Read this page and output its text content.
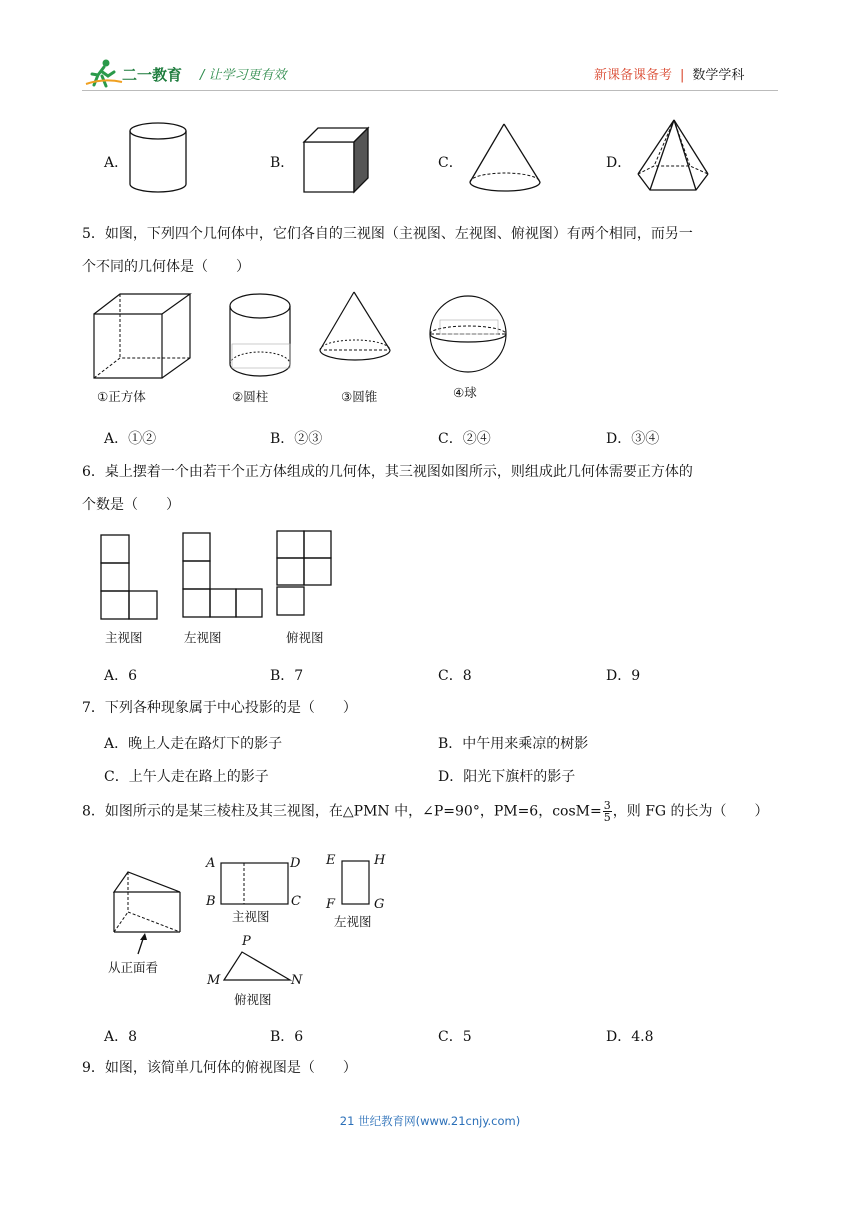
二一教育 / 让学习更有效	新课备课备考 | 数学学科
A．	B．	C．	D．
5．如图，下列四个几何体中，它们各自的三视图（主视图、左视图、俯视图）有两个相同，而另一
个不同的几何体是（　　）
①正方体	②圆柱	③圆锥	④球
A．①②	B．②③	C．②④	D．③④
6．桌上摆着一个由若干个正方体组成的几何体，其三视图如图所示，则组成此几何体需要正方体的
个数是（　　）
主视图	左视图	俯视图
A．6	B．7	C．8	D．9
7．下列各种现象属于中心投影的是（　　）
A．晚上人走在路灯下的影子	B．中午用来乘凉的树影
C．上午人走在路上的影子	D．阳光下旗杆的影子
8．如图所示的是某三棱柱及其三视图，在△PMN 中，∠P=90°，PM=6，$\cos M= \frac{3}{5}$ ，则 FG 的长为（　　）
从正面看
A	D
B	C
主视图
E	H
F	G
左视图
P
M	N
俯视图
A．8	B．6	C．5	D．4.8
9．如图，该简单几何体的俯视图是（　　）
21 世纪教育网(www.21cnjy.com)
